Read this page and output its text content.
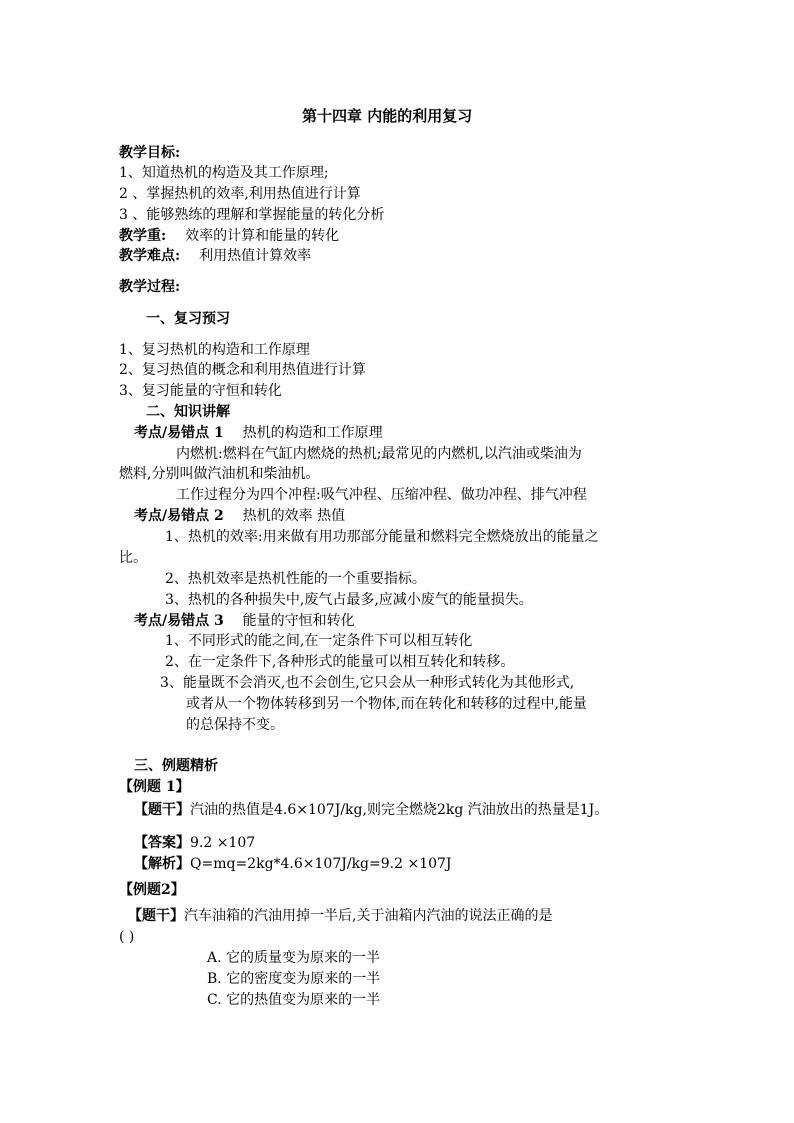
第十四章 内能的利用复习
教学目标:
1、知道热机的构造及其工作原理;
2 、掌握热机的效率,利用热值进行计算
3 、能够熟练的理解和掌握能量的转化分析
教学重: 效率的计算和能量的转化
教学难点: 利用热值计算效率
教学过程:
一、复习预习
1、复习热机的构造和工作原理
2、复习热值的概念和利用热值进行计算
3、复习能量的守恒和转化
二、知识讲解
考点/易错点 1 热机的构造和工作原理
内燃机:燃料在气缸内燃烧的热机;最常见的内燃机,以汽油或柴油为
燃料,分别叫做汽油机和柴油机。
工作过程分为四个冲程:吸气冲程、压缩冲程、做功冲程、排气冲程
考点/易错点 2 热机的效率 热值
1、热机的效率:用来做有用功那部分能量和燃料完全燃烧放出的能量之
比。
2、热机效率是热机性能的一个重要指标。
3、热机的各种损失中,废气占最多,应减小废气的能量损失。
考点/易错点 3 能量的守恒和转化
1、不同形式的能之间,在一定条件下可以相互转化
2、在一定条件下,各种形式的能量可以相互转化和转移。
3、能量既不会消灭,也不会创生,它只会从一种形式转化为其他形式,
或者从一个物体转移到另一个物体,而在转化和转移的过程中,能量
的总保持不变。
三、例题精析
【例题 1】
【题干】汽油的热值是4.6×107J/kg,则完全燃烧2kg 汽油放出的热量是1J。
【答案】9.2 ×107
【解析】Q=mq=2kg*4.6×107J/kg=9.2 ×107J
【例题2】
【题干】汽车油箱的汽油用掉一半后,关于油箱内汽油的说法正确的是
( )
A. 它的质量变为原来的一半
B. 它的密度变为原来的一半
C. 它的热值变为原来的一半
